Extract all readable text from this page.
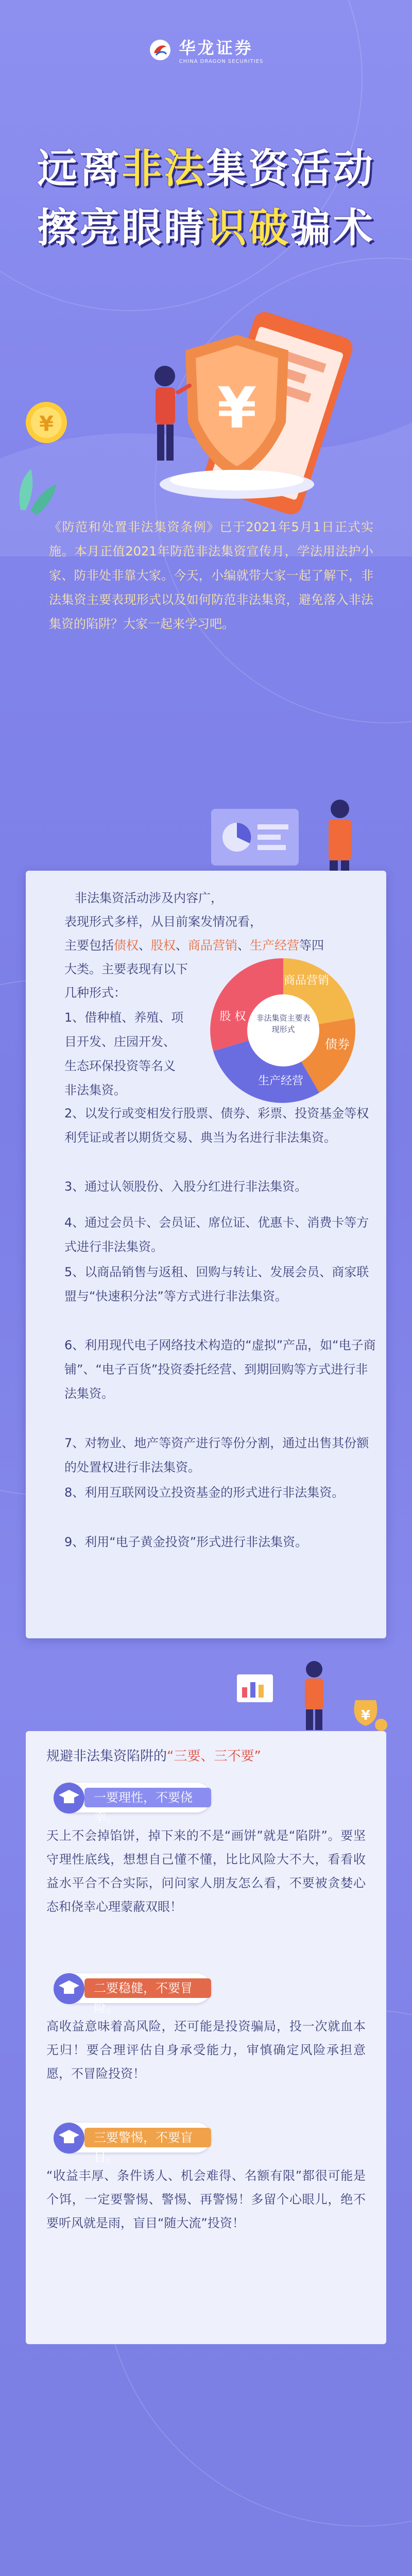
华龙证券
CHINA DRAGON SECURITIES
远离非法集资活动
擦亮眼睛识破骗术
¥
¥
《防范和处置非法集资条例》已于2021年5月1日正式实施。本月正值2021年防范非法集资宣传月，学法用法护小家、防非处非靠大家。今天，小编就带大家一起了解下，非法集资主要表现形式以及如何防范非法集资，避免落入非法集资的陷阱？大家一起来学习吧。
非法集资活动涉及内容广，
表现形式多样，从目前案发情况看，
主要包括债权、股权、商品营销、生产经营等四
大类。主要表现有以下
几种形式：
1、借种植、养殖、项目开发、庄园开发、生态环保投资等名义非法集资。
2、以发行或变相发行股票、债券、彩票、投资基金等权利凭证或者以期货交易、典当为名进行非法集资。
3、通过认领股份、入股分红进行非法集资。
4、通过会员卡、会员证、席位证、优惠卡、消费卡等方式进行非法集资。
5、以商品销售与返租、回购与转让、发展会员、商家联盟与“快速积分法”等方式进行非法集资。
6、利用现代电子网络技术构造的“虚拟”产品，如“电子商铺”、“电子百货”投资委托经营、到期回购等方式进行非法集资。
7、对物业、地产等资产进行等份分割，通过出售其份额的处置权进行非法集资。
8、利用互联网设立投资基金的形式进行非法集资。
9、利用“电子黄金投资”形式进行非法集资。
非法集资主要表现形式
商品营销
债券
生产经营
股 权
¥
规避非法集资陷阱的“三要、三不要”
一要理性，不要侥幸。
天上不会掉馅饼，掉下来的不是“画饼”就是“陷阱”。要坚守理性底线，想想自己懂不懂，比比风险大不大，看看收益水平合不合实际，问问家人朋友怎么看，不要被贪婪心态和侥幸心理蒙蔽双眼！
二要稳健，不要冒险。
高收益意味着高风险，还可能是投资骗局，投一次就血本无归！要合理评估自身承受能力，审慎确定风险承担意愿，不冒险投资！
三要警惕，不要盲目。
“收益丰厚、条件诱人、机会难得、名额有限”都很可能是个饵，一定要警惕、警惕、再警惕！多留个心眼儿，绝不要听风就是雨，盲目“随大流”投资！
